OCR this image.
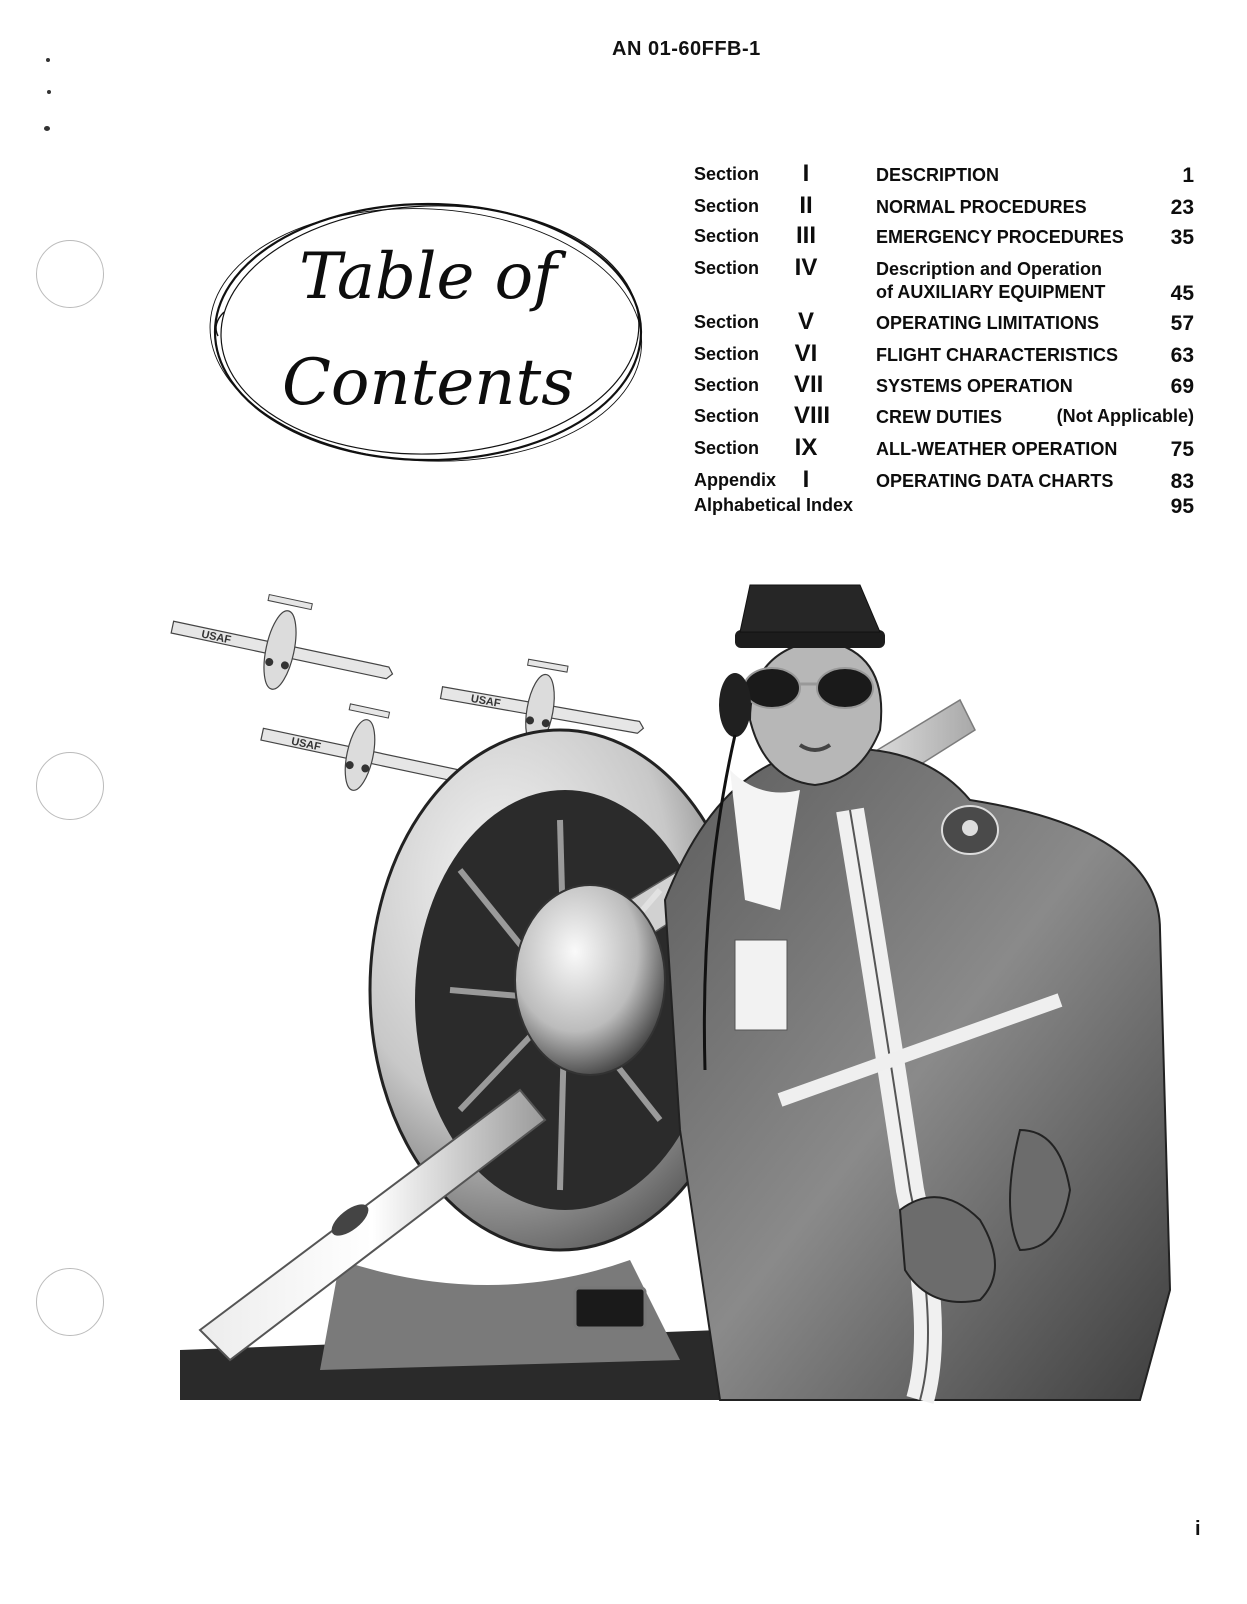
AN 01-60FFB-1
Table of
Contents
Section	I	DESCRIPTION	1
Section II	NORMAL PROCEDURES	23
Section III	EMERGENCY PROCEDURES 35
Section IV	Description and Operation
of AUXILIARY EQUIPMENT	45
Section V	OPERATING LIMITATIONS	57
Section VI	FLIGHT CHARACTERISTICS	63
Section VII	SYSTEMS OPERATION	69
Section VIII	CREW DUTIES	(Not Applicable)
Section IX	ALL-WEATHER OPERATION	75
Appendix	I	OPERATING DATA CHARTS	83
Alphabetical Index	95
USAF
USAF
USAF
i
